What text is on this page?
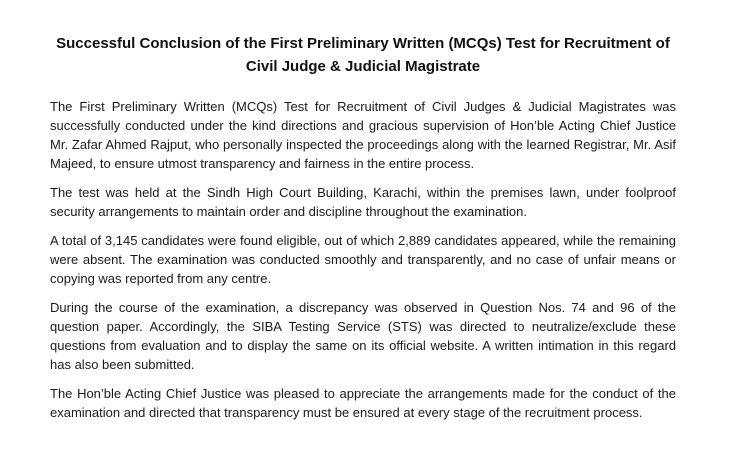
Successful Conclusion of the First Preliminary Written (MCQs) Test for Recruitment of Civil Judge & Judicial Magistrate

The First Preliminary Written (MCQs) Test for Recruitment of Civil Judges & Judicial Magistrates was successfully conducted under the kind directions and gracious supervision of Hon’ble Acting Chief Justice Mr. Zafar Ahmed Rajput, who personally inspected the proceedings along with the learned Registrar, Mr. Asif Majeed, to ensure utmost transparency and fairness in the entire process.

The test was held at the Sindh High Court Building, Karachi, within the premises lawn, under foolproof security arrangements to maintain order and discipline throughout the examination.

A total of 3,145 candidates were found eligible, out of which 2,889 candidates appeared, while the remaining were absent. The examination was conducted smoothly and transparently, and no case of unfair means or copying was reported from any centre.

During the course of the examination, a discrepancy was observed in Question Nos. 74 and 96 of the question paper. Accordingly, the SIBA Testing Service (STS) was directed to neutralize/exclude these questions from evaluation and to display the same on its official website. A written intimation in this regard has also been submitted.

The Hon’ble Acting Chief Justice was pleased to appreciate the arrangements made for the conduct of the examination and directed that transparency must be ensured at every stage of the recruitment process.
